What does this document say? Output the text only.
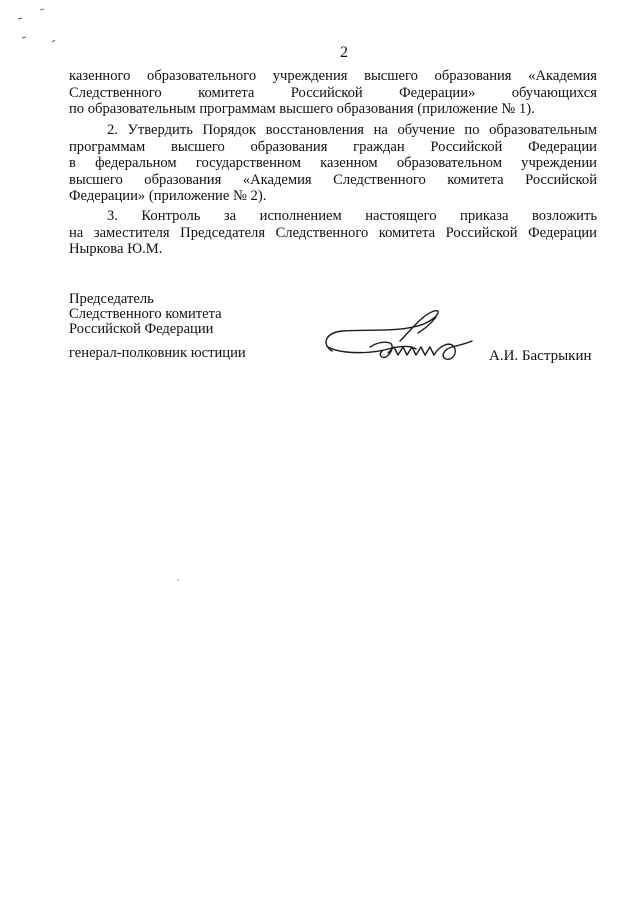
2
казенного образовательного учреждения высшего образования «Академия
Следственного комитета Российской Федерации» обучающихся
по образовательным программам высшего образования (приложение № 1).
2. Утвердить Порядок восстановления на обучение по образовательным
программам высшего образования граждан Российской Федерации
в федеральном государственном казенном образовательном учреждении
высшего образования «Академия Следственного комитета Российской
Федерации» (приложение № 2).
3. Контроль за исполнением настоящего приказа возложить
на заместителя Председателя Следственного комитета Российской Федерации
Ныркова Ю.М.
Председатель
Следственного комитета
Российской Федерации
генерал-полковник юстиции	А.И. Бастрыкин
